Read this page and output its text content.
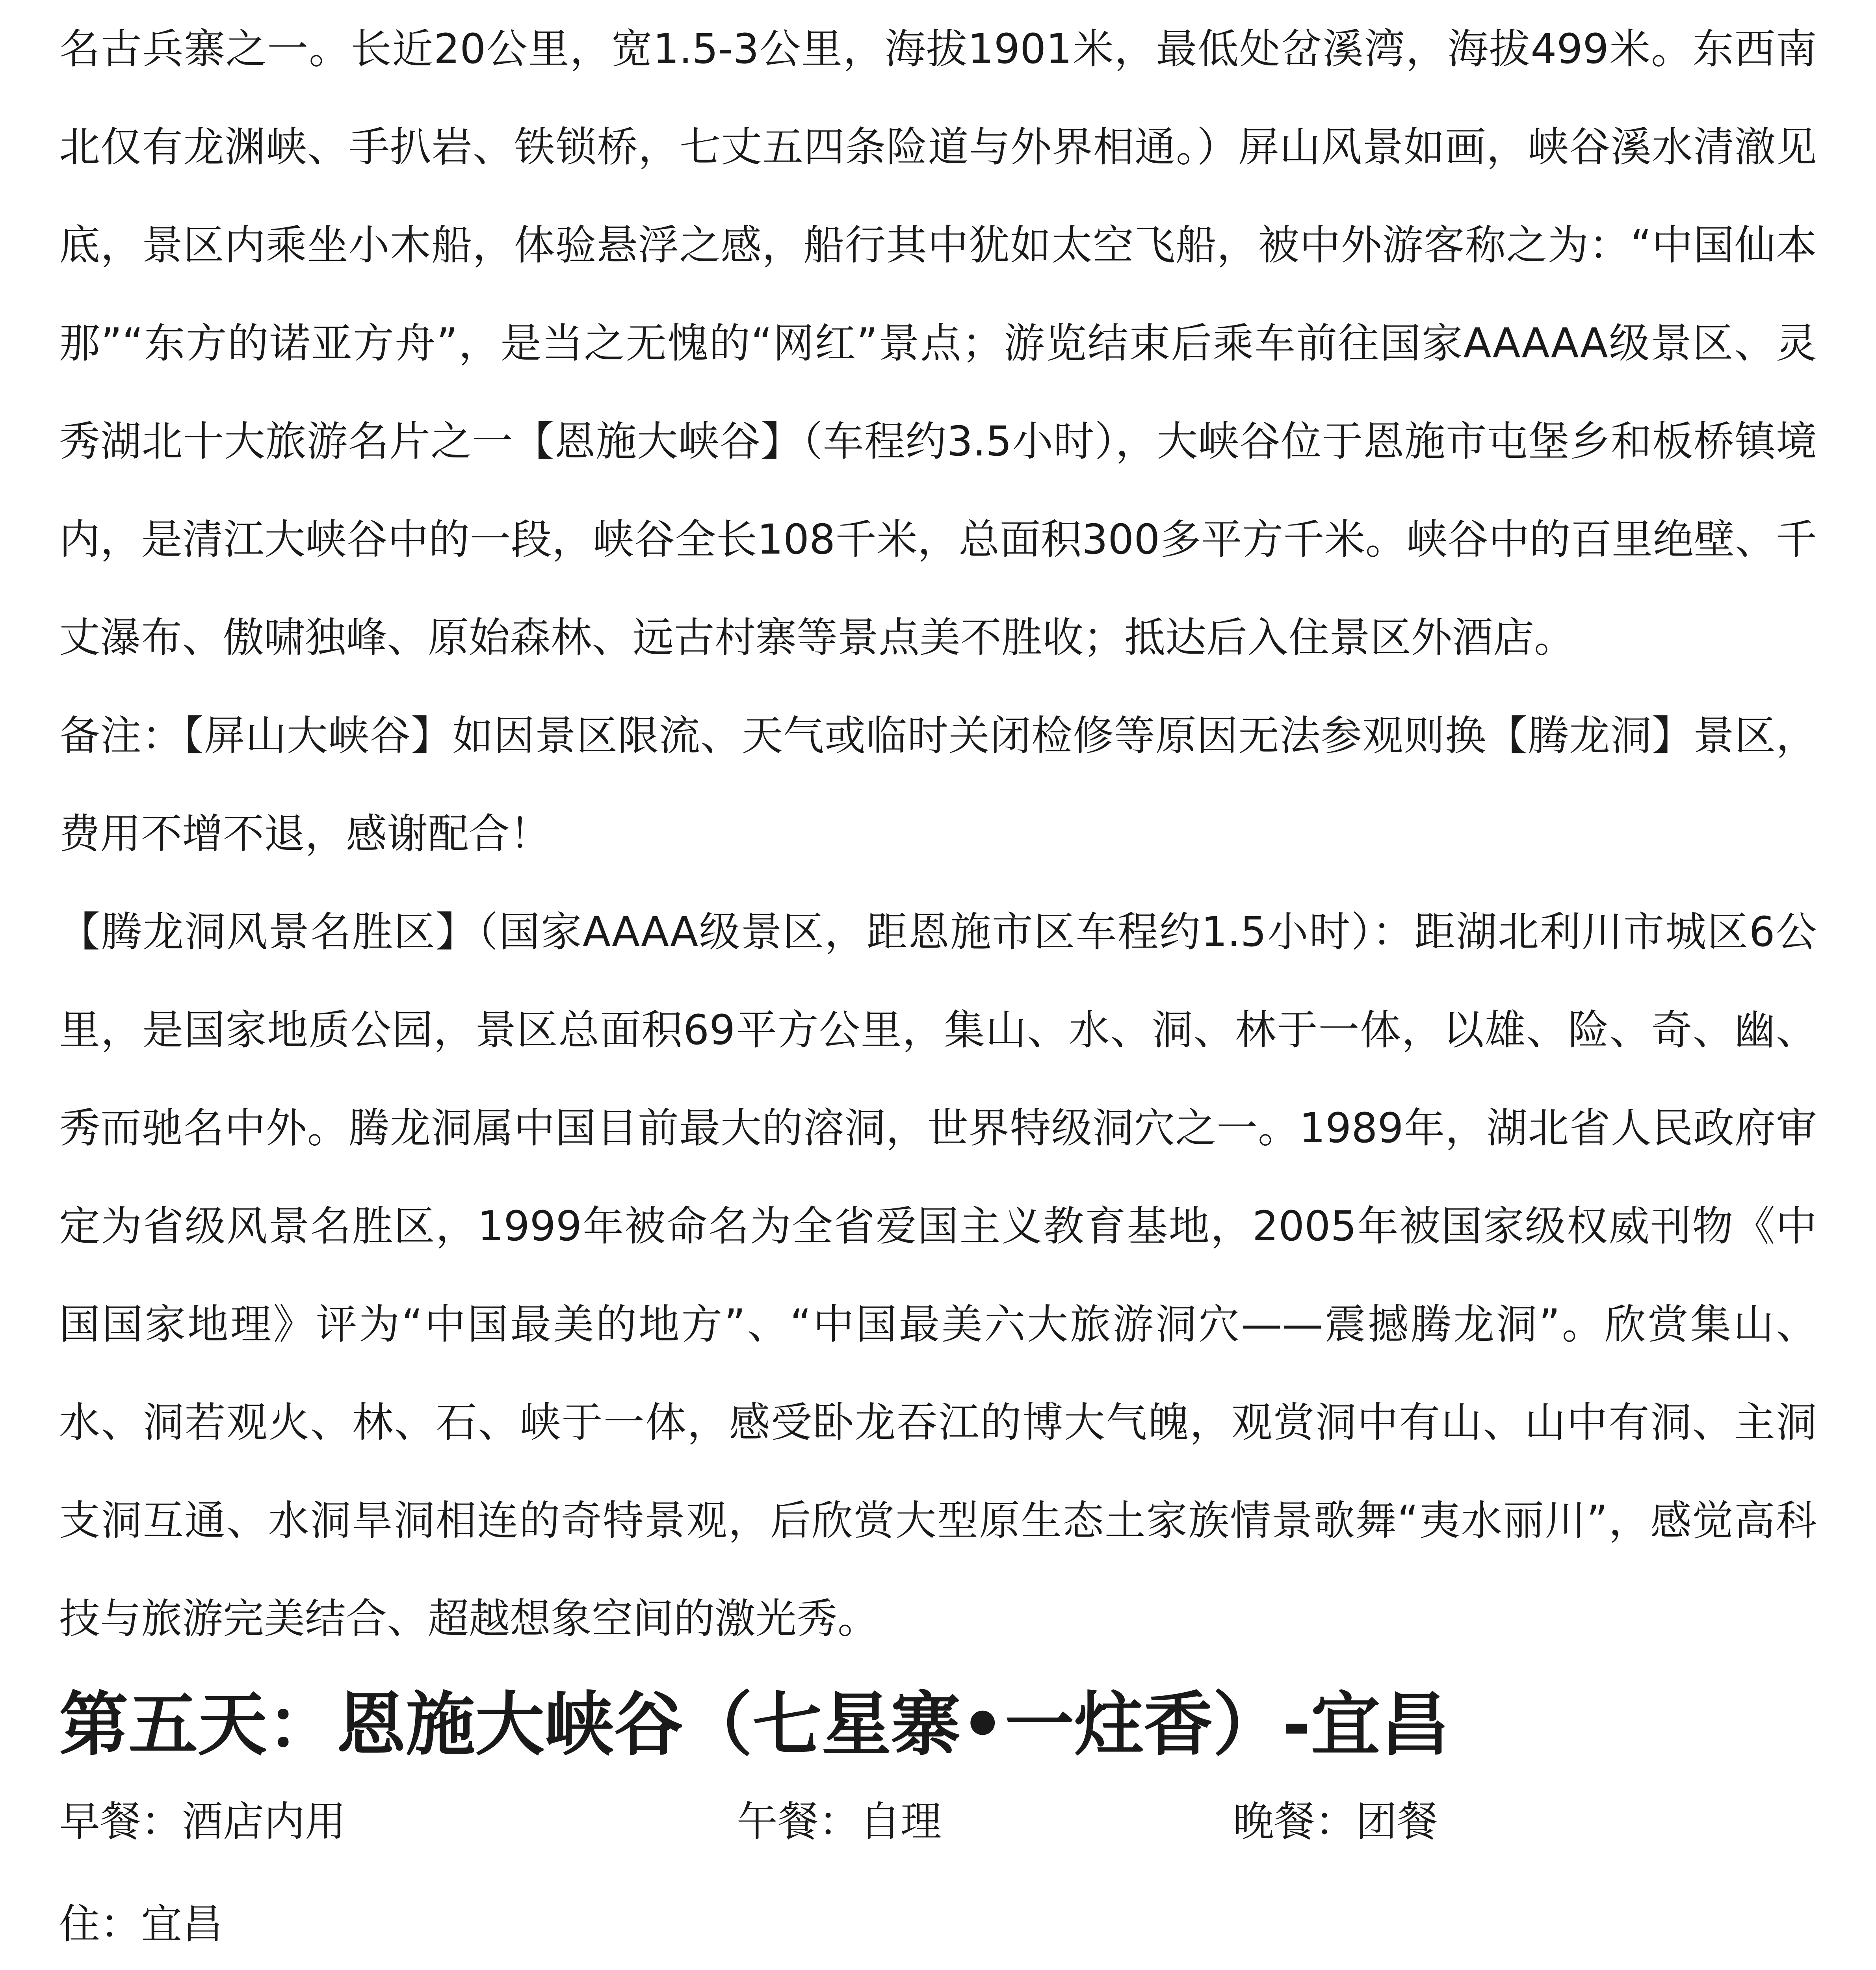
名古兵寨之一。长近20公里，宽1.5-3公里，海拔1901米，最低处岔溪湾，海拔499米。东西南北仅有龙渊峡、手扒岩、铁锁桥，七丈五四条险道与外界相通。）屏山风景如画，峡谷溪水清澈见底，景区内乘坐小木船，体验悬浮之感，船行其中犹如太空飞船，被中外游客称之为：“中国仙本那”“东方的诺亚方舟”，是当之无愧的“网红”景点；游览结束后乘车前往国家AAAAA级景区、灵秀湖北十大旅游名片之一【恩施大峡谷】（车程约3.5小时），大峡谷位于恩施市屯堡乡和板桥镇境内，是清江大峡谷中的一段，峡谷全长108千米，总面积300多平方千米。峡谷中的百里绝壁、千丈瀑布、傲啸独峰、原始森林、远古村寨等景点美不胜收；抵达后入住景区外酒店。

备注：【屏山大峡谷】如因景区限流、天气或临时关闭检修等原因无法参观则换【腾龙洞】景区，费用不增不退，感谢配合！

【腾龙洞风景名胜区】（国家AAAA级景区，距恩施市区车程约1.5小时）：距湖北利川市城区6公里，是国家地质公园，景区总面积69平方公里，集山、水、洞、林于一体，以雄、险、奇、幽、秀而驰名中外。腾龙洞属中国目前最大的溶洞，世界特级洞穴之一。1989年，湖北省人民政府审定为省级风景名胜区，1999年被命名为全省爱国主义教育基地，2005年被国家级权威刊物《中国国家地理》评为“中国最美的地方”、“中国最美六大旅游洞穴——震撼腾龙洞”。欣赏集山、水、洞若观火、林、石、峡于一体，感受卧龙吞江的博大气魄，观赏洞中有山、山中有洞、主洞支洞互通、水洞旱洞相连的奇特景观，后欣赏大型原生态土家族情景歌舞“夷水丽川”，感觉高科技与旅游完美结合、超越想象空间的激光秀。

第五天：恩施大峡谷（七星寨•一炷香）-宜昌
早餐：酒店内用	午餐：自理	晚餐：团餐
住：宜昌
